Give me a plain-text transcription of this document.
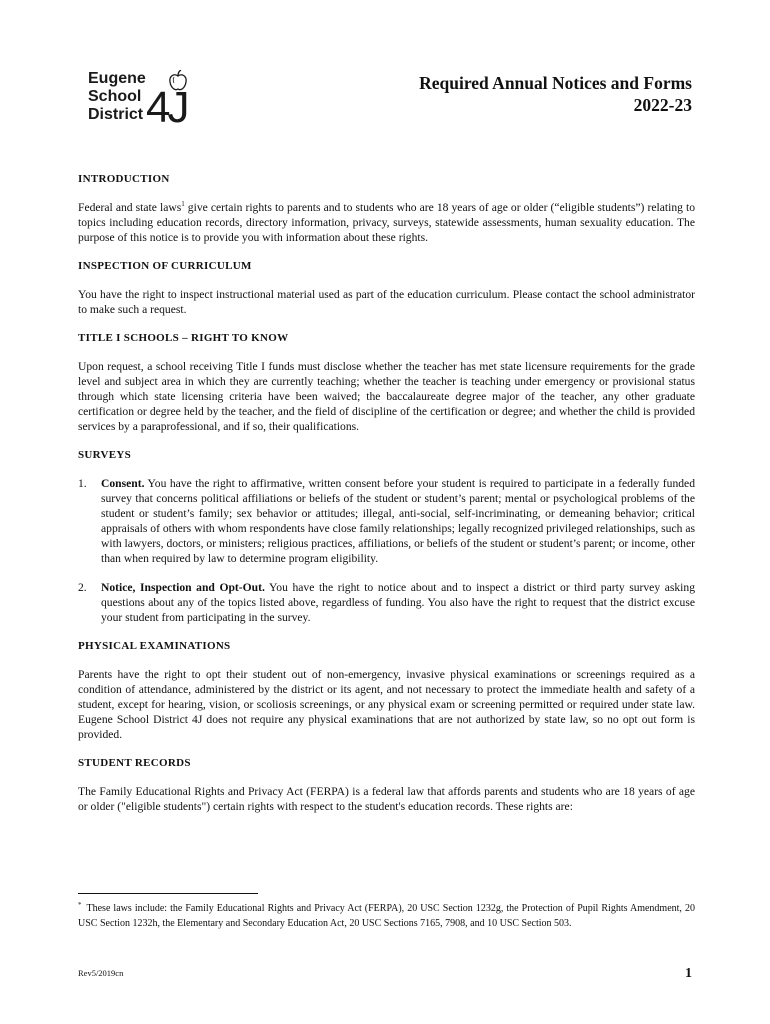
Eugene
School
District 4J	Required Annual Notices and Forms
2022-23
INTRODUCTION

Federal and state laws$^1$ give certain rights to parents and to students who are 18 years of age or older (“eligible students”) relating to topics including education records, directory information, privacy, surveys, statewide assessments, human sexuality education. The purpose of this notice is to provide you with information about these rights.

INSPECTION OF CURRICULUM

You have the right to inspect instructional material used as part of the education curriculum. Please contact the school administrator to make such a request.

TITLE I SCHOOLS – RIGHT TO KNOW

Upon request, a school receiving Title I funds must disclose whether the teacher has met state licensure requirements for the grade level and subject area in which they are currently teaching; whether the teacher is teaching under emergency or provisional status through which state licensing criteria have been waived; the baccalaureate degree major of the teacher, any other graduate certification or degree held by the teacher, and the field of discipline of the certification or degree; and whether the child is provided services by a paraprofessional, and if so, their qualifications.

SURVEYS
1.	Consent. You have the right to affirmative, written consent before your student is required to participate in a federally funded survey that concerns political affiliations or beliefs of the student or student’s parent; mental or psychological problems of the student or student’s family; sex behavior or attitudes; illegal, anti-social, self-incriminating, or demeaning behavior; critical appraisals of others with whom respondents have close family relationships; legally recognized privileged relationships, such as with lawyers, doctors, or ministers; religious practices, affiliations, or beliefs of the student or student’s parent; or income, other than when required by law to determine program eligibility.
2.	Notice, Inspection and Opt-Out. You have the right to notice about and to inspect a district or third party survey asking questions about any of the topics listed above, regardless of funding. You also have the right to request that the district excuse your student from participating in the survey.
PHYSICAL EXAMINATIONS

Parents have the right to opt their student out of non-emergency, invasive physical examinations or screenings required as a condition of attendance, administered by the district or its agent, and not necessary to protect the immediate health and safety of a student, except for hearing, vision, or scoliosis screenings, or any physical exam or screening permitted or required under state law. Eugene School District 4J does not require any physical examinations that are not authorized by state law, so no opt out form is provided.

STUDENT RECORDS

The Family Educational Rights and Privacy Act (FERPA) is a federal law that affords parents and students who are 18 years of age or older ("eligible students") certain rights with respect to the student's education records. These rights are:

* These laws include: the Family Educational Rights and Privacy Act (FERPA), 20 USC Section 1232g, the Protection of Pupil Rights Amendment, 20 USC Section 1232h, the Elementary and Secondary Education Act, 20 USC Sections 7165, 7908, and 10 USC Section 503.
Rev5/2019cn	1
